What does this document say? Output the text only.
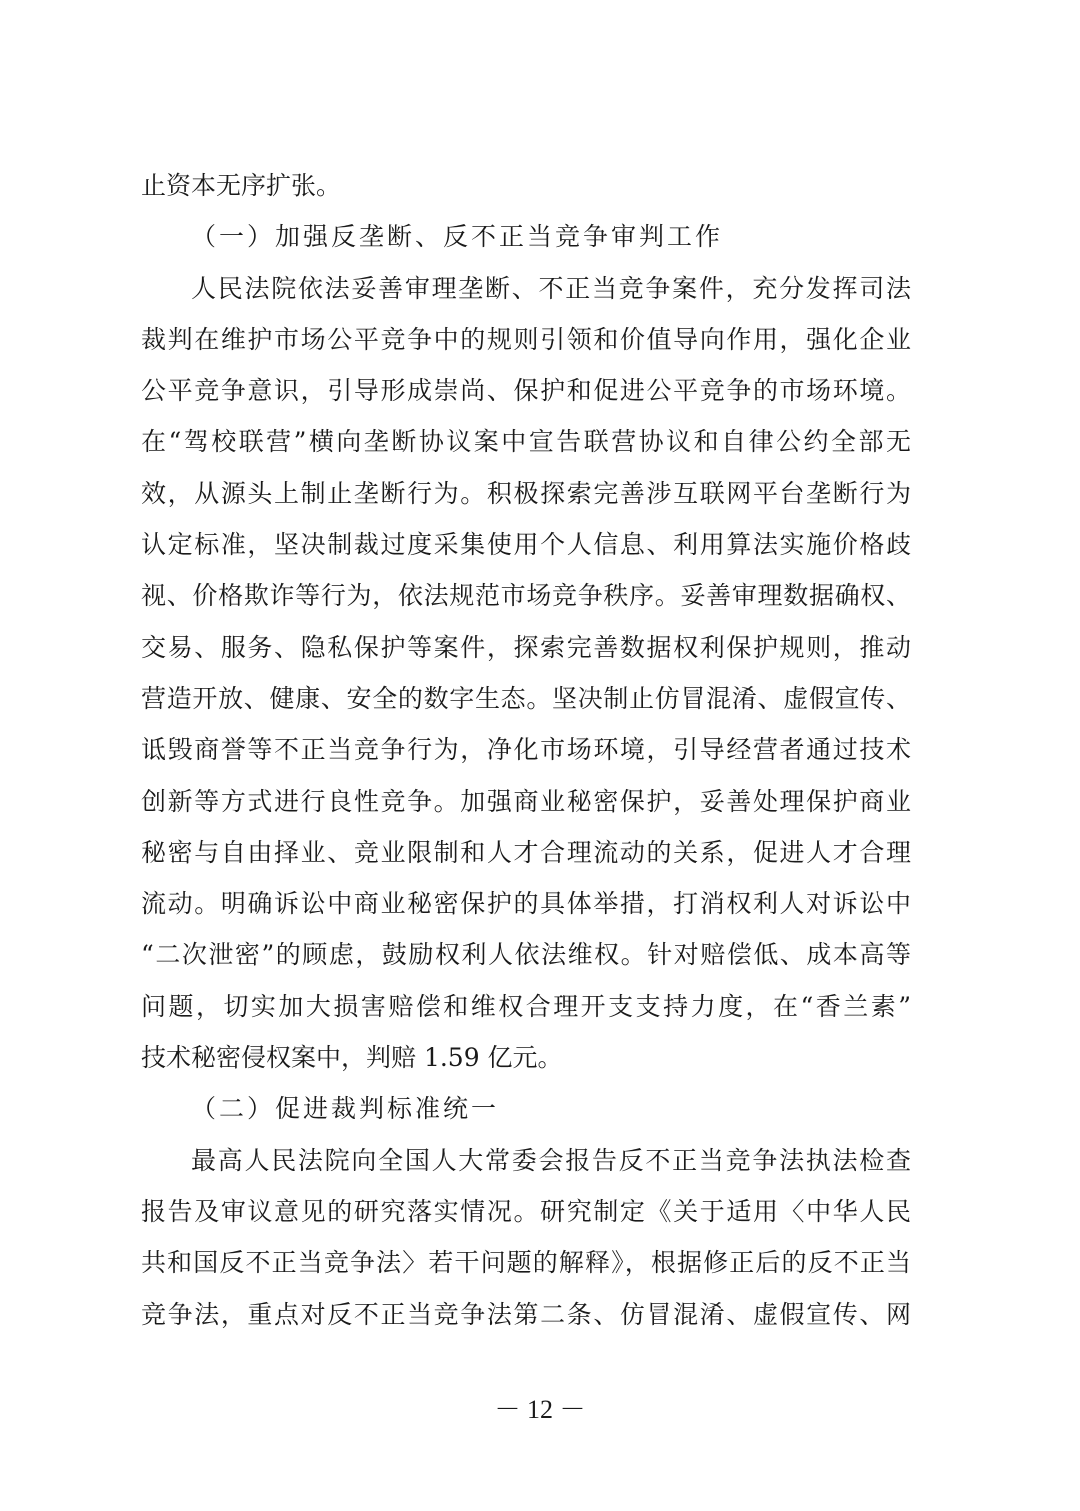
止资本无序扩张。
（一）加强反垄断、反不正当竞争审判工作
人民法院依法妥善审理垄断、不正当竞争案件，充分发挥司法
裁判在维护市场公平竞争中的规则引领和价值导向作用，强化企业
公平竞争意识，引导形成崇尚、保护和促进公平竞争的市场环境。
在“驾校联营”横向垄断协议案中宣告联营协议和自律公约全部无
效，从源头上制止垄断行为。积极探索完善涉互联网平台垄断行为
认定标准，坚决制裁过度采集使用个人信息、利用算法实施价格歧
视、价格欺诈等行为，依法规范市场竞争秩序。妥善审理数据确权、
交易、服务、隐私保护等案件，探索完善数据权利保护规则，推动
营造开放、健康、安全的数字生态。坚决制止仿冒混淆、虚假宣传、
诋毁商誉等不正当竞争行为，净化市场环境，引导经营者通过技术
创新等方式进行良性竞争。加强商业秘密保护，妥善处理保护商业
秘密与自由择业、竞业限制和人才合理流动的关系，促进人才合理
流动。明确诉讼中商业秘密保护的具体举措，打消权利人对诉讼中
“二次泄密”的顾虑，鼓励权利人依法维权。针对赔偿低、成本高等
问题，切实加大损害赔偿和维权合理开支支持力度，在“香兰素”
技术秘密侵权案中，判赔 1.59 亿元。
（二）促进裁判标准统一
最高人民法院向全国人大常委会报告反不正当竞争法执法检查
报告及审议意见的研究落实情况。研究制定《关于适用〈中华人民
共和国反不正当竞争法〉若干问题的解释》，根据修正后的反不正当
竞争法，重点对反不正当竞争法第二条、仿冒混淆、虚假宣传、网
－ 12 －
